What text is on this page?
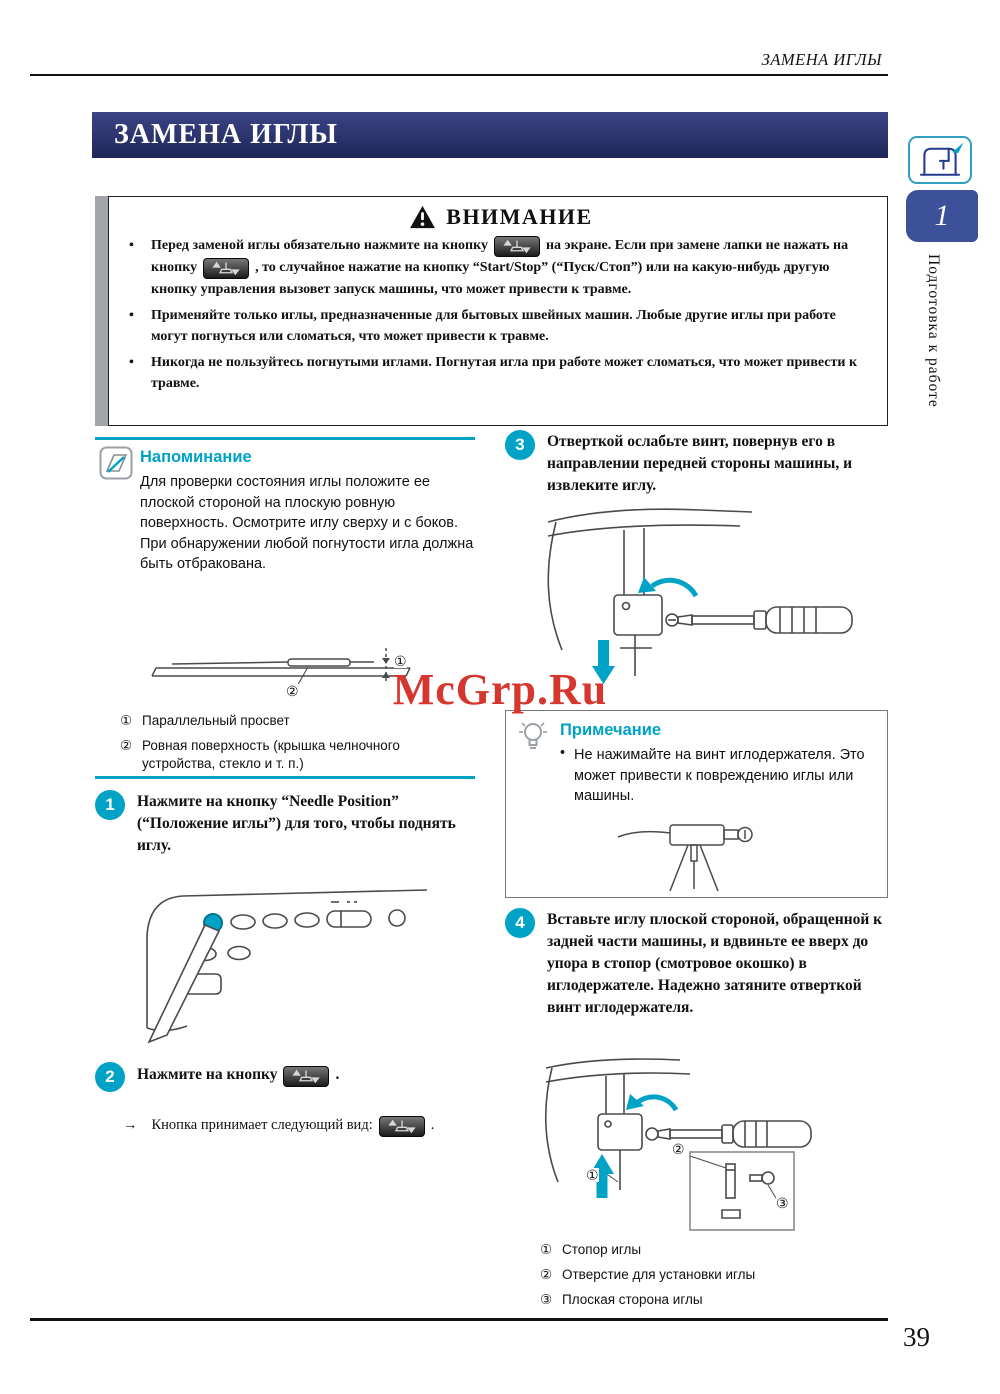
ЗАМЕНА ИГЛЫ
ЗАМЕНА ИГЛЫ
1
Подготовка к работе
ВНИМАНИЕ
•	Перед заменой иглы обязательно нажмите на кнопку	на экране. Если при замене лапки не нажать на кнопку	, то случайное нажатие на кнопку “Start/Stop” (“Пуск/Стоп”) или на какую-нибудь другую кнопку управления вызовет запуск машины, что может привести к травме.
•	Применяйте только иглы, предназначенные для бытовых швейных машин. Любые другие иглы при работе могут погнуться или сломаться, что может привести к травме.
•	Никогда не пользуйтесь погнутыми иглами. Погнутая игла при работе может сломаться, что может привести к травме.
Напоминание
Для проверки состояния иглы положите ее плоской стороной на плоскую ровную поверхность. Осмотрите иглу сверху и с боков. При обнаружении любой погнутости игла должна быть отбракована.
①
②
① Параллельный просвет
② Ровная поверхность (крышка челночного устройства, стекло и т. п.)
1	Нажмите на кнопку “Needle Position” (“Положение иглы”) для того, чтобы поднять иглу.
2	Нажмите на кнопку	.
→ Кнопка принимает следующий вид:	.
3	Отверткой ослабьте винт, повернув его в направлении передней стороны машины, и извлеките иглу.
McGrp.Ru
Примечание
• Не нажимайте на винт иглодержателя. Это может привести к повреждению иглы или машины.
4	Вставьте иглу плоской стороной, обращенной к задней части машины, и вдвиньте ее вверх до упора в стопор (смотровое окошко) в иглодержателе. Надежно затяните отверткой винт иглодержателя.
①
②
③
① Стопор иглы
② Отверстие для установки иглы
③ Плоская сторона иглы
39
